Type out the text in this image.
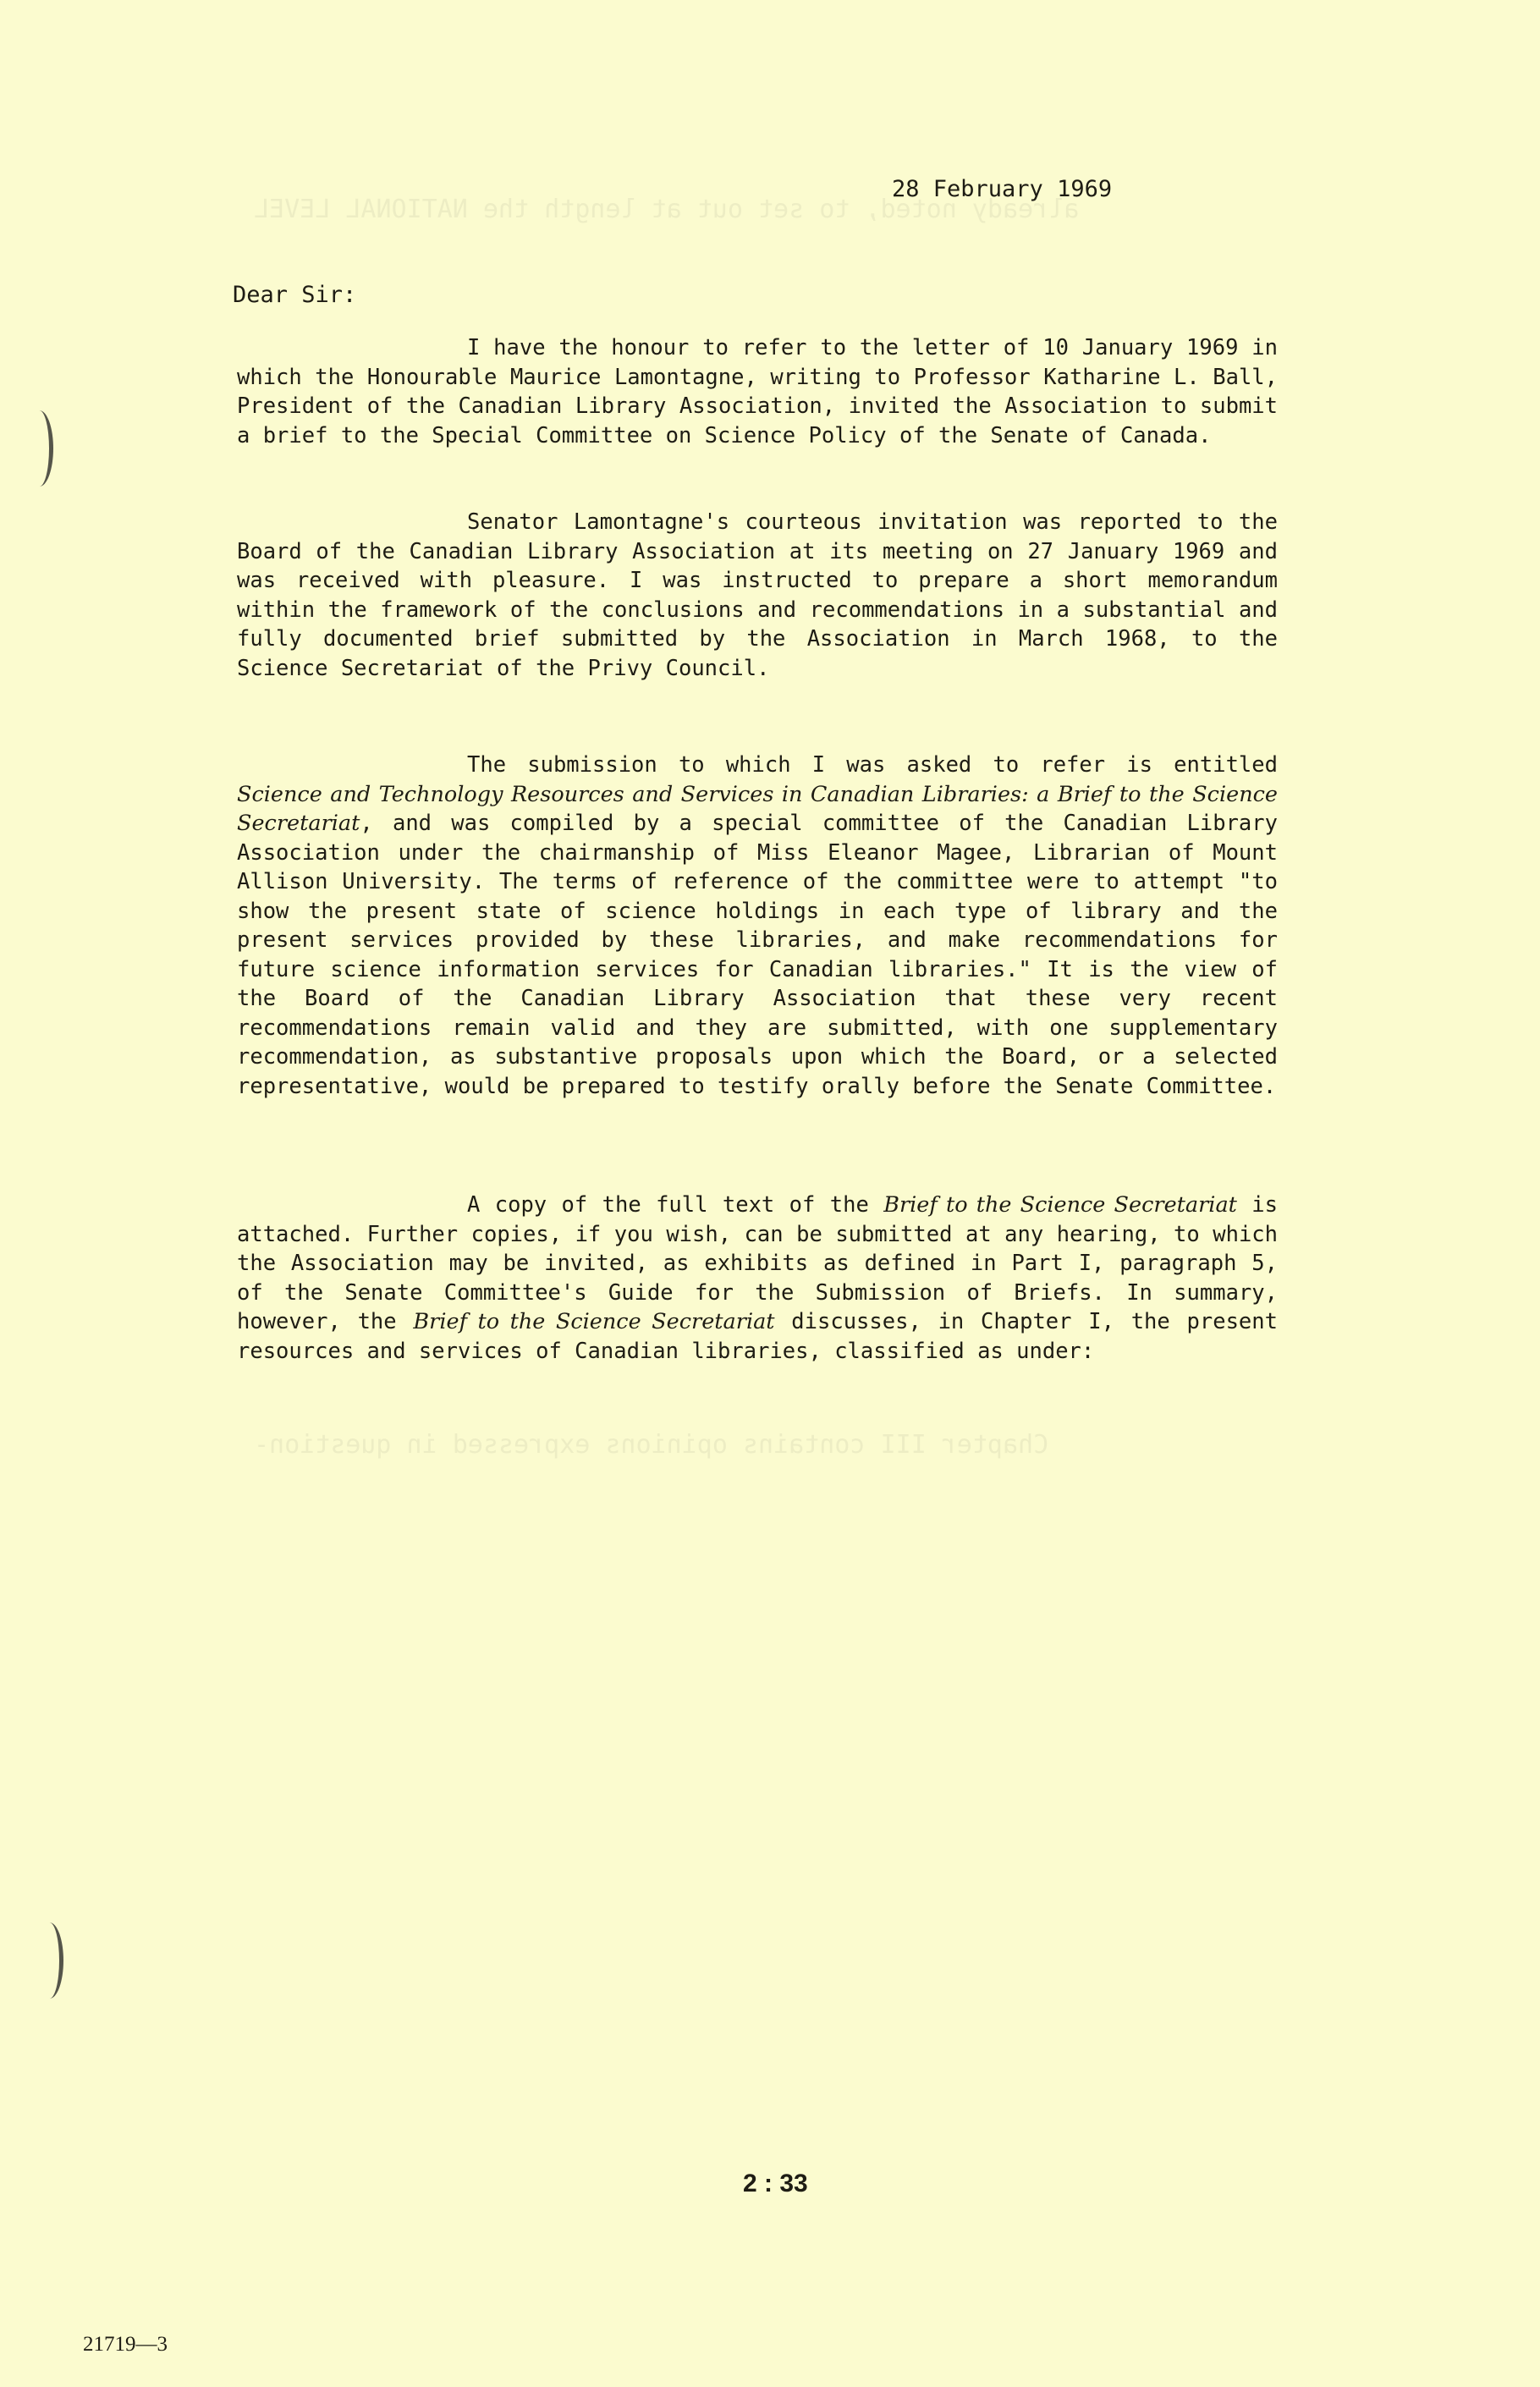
already noted, to set out at length the NATIONAL LEVEL
Chapter III contains opinions expressed in question-
28 February 1969
Dear Sir:

I have the honour to refer to the letter of 10 January 1969 in which the Honourable Maurice Lamontagne, writing to Professor Katharine L. Ball, President of the Canadian Library Association, invited the Association to submit a brief to the Special Committee on Science Policy of the Senate of Canada.

Senator Lamontagne's courteous invitation was reported to the Board of the Canadian Library Association at its meeting on 27 January 1969 and was received with pleasure. I was instructed to prepare a short memorandum within the framework of the conclusions and recommendations in a substantial and fully documented brief submitted by the Association in March 1968, to the Science Secretariat of the Privy Council.

The submission to which I was asked to refer is entitled Science and Technology Resources and Services in Canadian Libraries: a Brief to the Science Secretariat, and was compiled by a special committee of the Canadian Library Association under the chairmanship of Miss Eleanor Magee, Librarian of Mount Allison University. The terms of reference of the committee were to attempt "to show the present state of science holdings in each type of library and the present services provided by these libraries, and make recommendations for future science information services for Canadian libraries." It is the view of the Board of the Canadian Library Association that these very recent recommendations remain valid and they are submitted, with one supplementary recommendation, as substantive proposals upon which the Board, or a selected representative, would be prepared to testify orally before the Senate Committee.

A copy of the full text of the Brief to the Science Secretariat is attached. Further copies, if you wish, can be submitted at any hearing, to which the Association may be invited, as exhibits as defined in Part I, paragraph 5, of the Senate Committee's Guide for the Submission of Briefs. In summary, however, the Brief to the Science Secretariat discusses, in Chapter I, the present resources and services of Canadian libraries, classified as under:

2 : 33
21719—3
